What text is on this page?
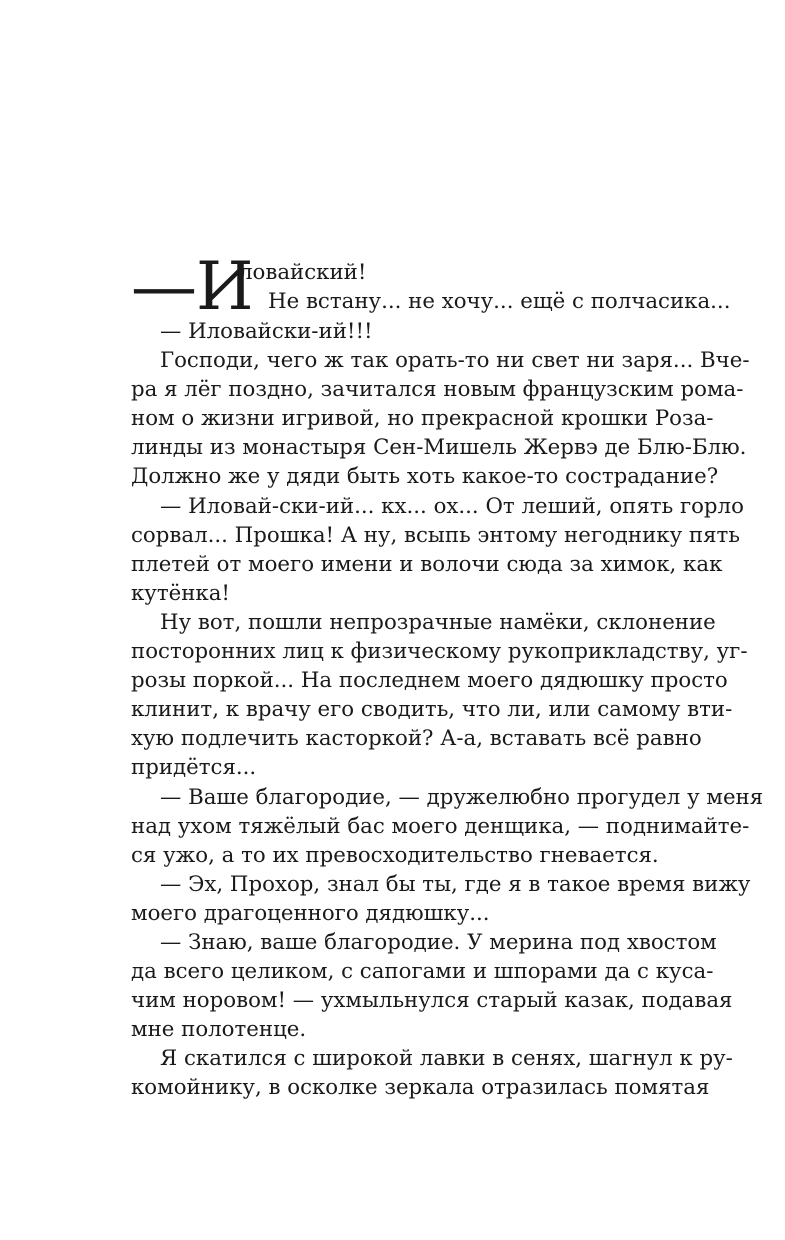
—И
ловайский!
Не встану... не хочу... ещё с полчасика...
— Иловайски-ий!!!
Господи, чего ж так орать-то ни свет ни заря... Вче-
ра я лёг поздно, зачитался новым французским рома-
ном о жизни игривой, но прекрасной крошки Роза-
линды из монастыря Сен-Мишель Жервэ де Блю-Блю.
Должно же у дяди быть хоть какое-то сострадание?
— Иловай-ски-ий... кх... ох... От леший, опять горло
сорвал... Прошка! А ну, всыпь энтому негоднику пять
плетей от моего имени и волочи сюда за химок, как
кутёнка!
Ну вот, пошли непрозрачные намёки, склонение
посторонних лиц к физическому рукоприкладству, уг-
розы поркой... На последнем моего дядюшку просто
клинит, к врачу его сводить, что ли, или самому вти-
хую подлечить касторкой? А-а, вставать всё равно
придётся...
— Ваше благородие, — дружелюбно прогудел у меня
над ухом тяжёлый бас моего денщика, — поднимайте-
ся ужо, а то их превосходительство гневается.
— Эх, Прохор, знал бы ты, где я в такое время вижу
моего драгоценного дядюшку...
— Знаю, ваше благородие. У мерина под хвостом
да всего целиком, с сапогами и шпорами да с куса-
чим норовом! — ухмыльнулся старый казак, подавая
мне полотенце.
Я скатился с широкой лавки в сенях, шагнул к ру-
комойнику, в осколке зеркала отразилась помятая
